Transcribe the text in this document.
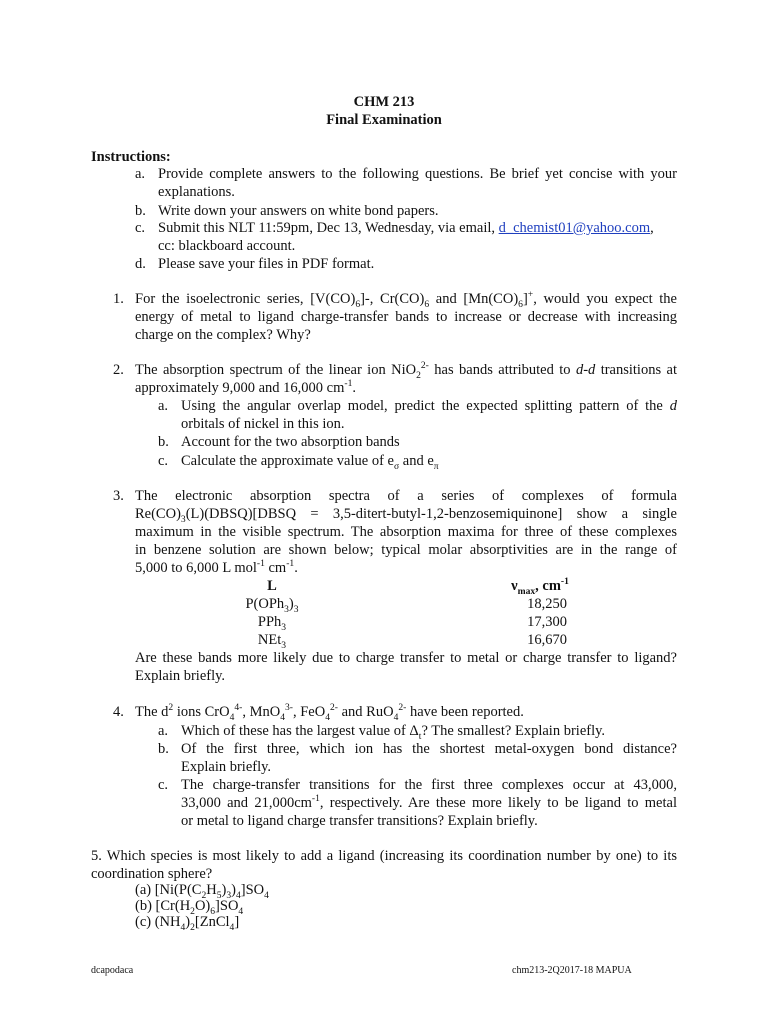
CHM 213
Final Examination
Instructions:
a. Provide complete answers to the following questions. Be brief yet concise with your
explanations.
b. Write down your answers on white bond papers.
c. Submit this NLT 11:59pm, Dec 13, Wednesday, via email, d_chemist01@yahoo.com,
cc: blackboard account.
d. Please save your files in PDF format.
1. For the isoelectronic series, $[V(CO)_6]-$, $Cr(CO)_6$ and $[Mn(CO)_6]^+$, would you expect the
energy of metal to ligand charge-transfer bands to increase or decrease with increasing
charge on the complex? Why?
2. The absorption spectrum of the linear ion NiO$_2^{2-}$ has bands attributed to d-d transitions at
approximately 9,000 and 16,000 $cm^{-1}$.
a. Using the angular overlap model, predict the expected splitting pattern of the d
orbitals of nickel in this ion.
b. Account for the two absorption bands
c. Calculate the approximate value of $e_\sigma$ and $e_\pi$
3. The electronic absorption spectra of a series of complexes of formula
$Re(CO)_3(L)(DBSQ)[DBSQ$ = 3,5-ditert-butyl-1,2-benzosemiquinone] show a single
maximum in the visible spectrum. The absorption maxima for three of these complexes
in benzene solution are shown below; typical molar absorptivities are in the range of
5,000 to 6,000 L mol$^{-1}$ $cm^{-1}$.
L	$\nu_{max}$, $cm^{-1}$
$P(OPh_3)_3$	18,250
PPh$_3$	17,300
NEt$_3$	16,670
Are these bands more likely due to charge transfer to metal or charge transfer to ligand?
Explain briefly.
4. The $d^2$ ions CrO$_4^{4-}$, MnO$_4^{3-}$, FeO$_4^{2-}$ and RuO$_4^{2-}$ have been reported.
a. Which of these has the largest value of $\Delta_t$? The smallest? Explain briefly.
b. Of the first three, which ion has the shortest metal-oxygen bond distance?
Explain briefly.
c. The charge-transfer transitions for the first three complexes occur at 43,000,
33,000 and $21,000cm^{-1}$, respectively. Are these more likely to be ligand to metal
or metal to ligand charge transfer transitions? Explain briefly.
5. Which species is most likely to add a ligand (increasing its coordination number by one) to its
coordination sphere?
(a) $[Ni(P(C_2H_5)_3)_4]SO_4$
(b) $[Cr(H_2O)_6]SO_4$
(c) $(NH_4)_2[ZnCl_4]$
dcapodaca	chm213-2Q2017-18 MAPUA
